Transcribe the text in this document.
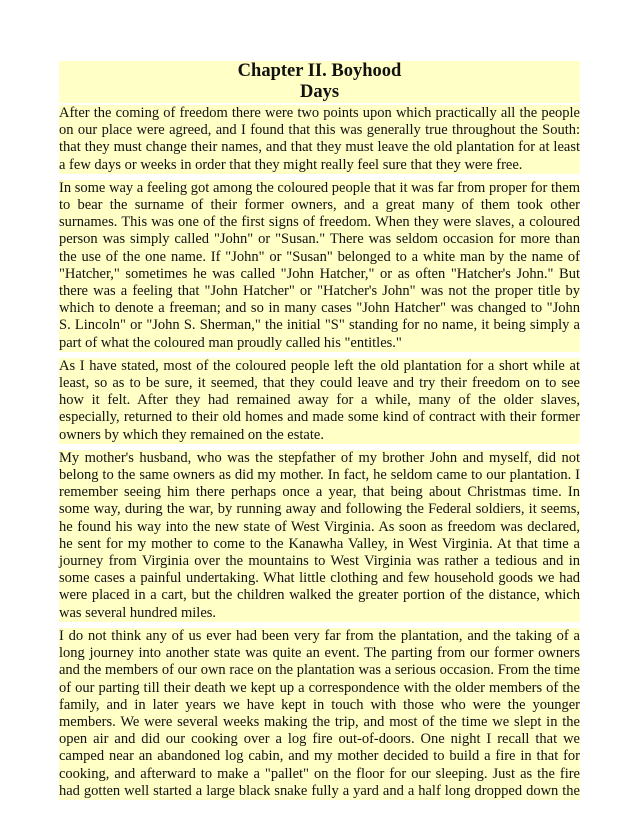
Chapter II. Boyhood
Days

After the coming of freedom there were two points upon which practically all the people on our place were agreed, and I found that this was generally true throughout the South: that they must change their names, and that they must leave the old plantation for at least a few days or weeks in order that they might really feel sure that they were free.

In some way a feeling got among the coloured people that it was far from proper for them to bear the surname of their former owners, and a great many of them took other surnames. This was one of the first signs of freedom. When they were slaves, a coloured person was simply called "John" or "Susan." There was seldom occasion for more than the use of the one name. If "John" or "Susan" belonged to a white man by the name of "Hatcher," sometimes he was called "John Hatcher," or as often "Hatcher's John." But there was a feeling that "John Hatcher" or "Hatcher's John" was not the proper title by which to denote a freeman; and so in many cases "John Hatcher" was changed to "John S. Lincoln" or "John S. Sherman," the initial "S" standing for no name, it being simply a part of what the coloured man proudly called his "entitles."

As I have stated, most of the coloured people left the old plantation for a short while at least, so as to be sure, it seemed, that they could leave and try their freedom on to see how it felt. After they had remained away for a while, many of the older slaves, especially, returned to their old homes and made some kind of contract with their former owners by which they remained on the estate.

My mother's husband, who was the stepfather of my brother John and myself, did not belong to the same owners as did my mother. In fact, he seldom came to our plantation. I remember seeing him there perhaps once a year, that being about Christmas time. In some way, during the war, by running away and following the Federal soldiers, it seems, he found his way into the new state of West Virginia. As soon as freedom was declared, he sent for my mother to come to the Kanawha Valley, in West Virginia. At that time a journey from Virginia over the mountains to West Virginia was rather a tedious and in some cases a painful undertaking. What little clothing and few household goods we had were placed in a cart, but the children walked the greater portion of the distance, which was several hundred miles.

I do not think any of us ever had been very far from the plantation, and the taking of a long journey into another state was quite an event. The parting from our former owners and the members of our own race on the plantation was a serious occasion. From the time of our parting till their death we kept up a correspondence with the older members of the family, and in later years we have kept in touch with those who were the younger members. We were several weeks making the trip, and most of the time we slept in the open air and did our cooking over a log fire out-of-doors. One night I recall that we camped near an abandoned log cabin, and my mother decided to build a fire in that for cooking, and afterward to make a "pallet" on the floor for our sleeping. Just as the fire had gotten well started a large black snake fully a yard and a half long dropped down the
